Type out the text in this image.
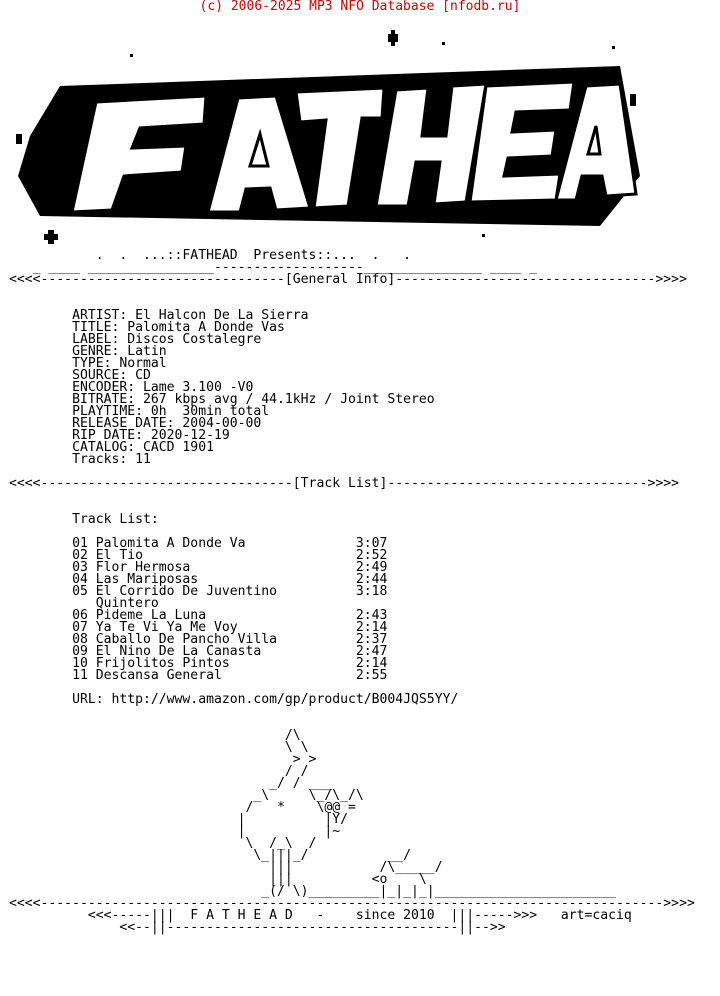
(c) 2006-2025 MP3 NFO Database [nfodb.ru]
.  .  ...::FATHEAD  Presents::...  .   .
_ ____ ________________-------------------_______________ ____ _
<<<<-------------------------------[General Info]--------------------------------->>>>

ARTIST: El Halcon De La Sierra
TITLE: Palomita A Donde Vas
LABEL: Discos Costalegre
GENRE: Latin
TYPE: Normal
SOURCE: CD
ENCODER: Lame 3.100 -V0
BITRATE: 267 kbps avg / 44.1kHz / Joint Stereo
PLAYTIME: 0h  30min total
RELEASE DATE: 2004-00-00
RIP DATE: 2020-12-19
CATALOG: CACD 1901
Tracks: 11

<<<<--------------------------------[Track List]--------------------------------->>>>

Track List:

01 Palomita A Donde Va              3:07
02 El Tio                           2:52
03 Flor Hermosa                     2:49
04 Las Mariposas                    2:44
05 El Corrido De Juventino          3:18
Quintero
06 Pideme La Luna                   2:43
07 Ya Te Vi Ya Me Voy               2:14
08 Caballo De Pancho Villa          2:37
09 El Nino De La Canasta            2:47
10 Frijolitos Pintos                2:14
11 Descansa General                 2:55

URL: http://www.amazon.com/gp/product/B004JQS5YY/

/\
\ \
> >
/ /
_/ / ___
_\     \_/\_/\
/   *    \@@ =
|          |Y/
|          |~
\  /_\  /
\_|||_/          __/
|||           /\_____/
|||          <o    \
_(/ \)_________|_|_|_|_______________________
<<<<------------------------------------------------------------------------------->>>>
<<<-----|||  F A T H E A D   -    since 2010  |||----->>>   art=caciq
<<--||-------------------------------------||-->>
